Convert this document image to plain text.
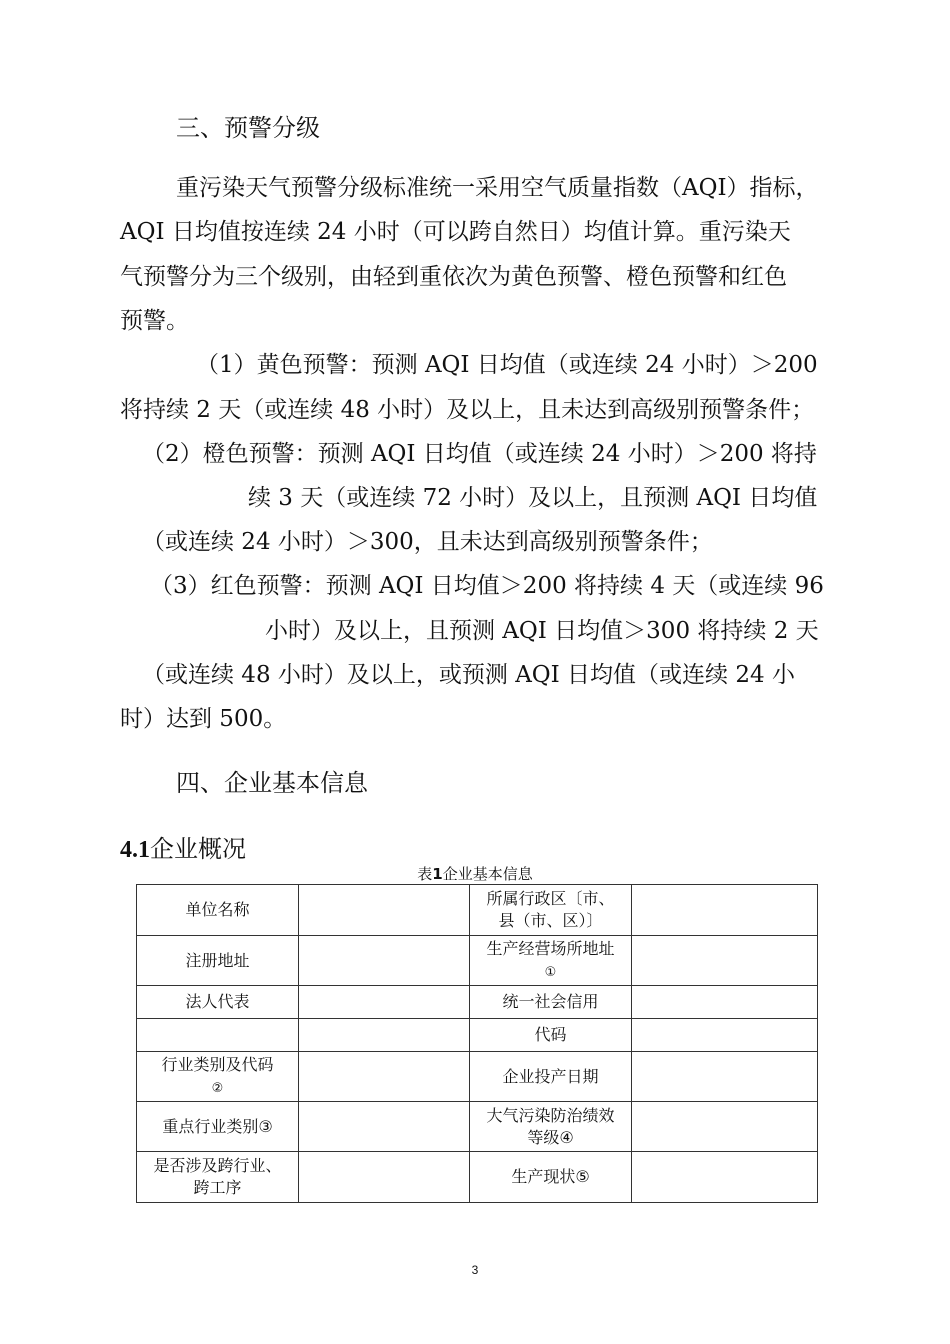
三、预警分级
重污染天气预警分级标准统一采用空气质量指数（AQI）指标，
AQI 日均值按连续 24 小时（可以跨自然日）均值计算。重污染天
气预警分为三个级别，由轻到重依次为黄色预警、橙色预警和红色
预警。
（1）黄色预警：预测 AQI 日均值（或连续 24 小时）＞200
将持续 2 天（或连续 48 小时）及以上，且未达到高级别预警条件；
（2）橙色预警：预测 AQI 日均值（或连续 24 小时）＞200 将持
续 3 天（或连续 72 小时）及以上，且预测 AQI 日均值
（或连续 24 小时）＞300，且未达到高级别预警条件；
（3）红色预警：预测 AQI 日均值＞200 将持续 4 天（或连续 96
小时）及以上，且预测 AQI 日均值＞300 将持续 2 天
（或连续 48 小时）及以上，或预测 AQI 日均值（或连续 24 小
时）达到 500。
四、企业基本信息
4.1企业概况
表1企业基本信息
单位名称		所属行政区〔市、
县（市、区）〕	
注册地址		生产经营场所地址
①	
法人代表		统一社会信用	
		代码	
行业类别及代码
②		企业投产日期	
重点行业类别③		大气污染防治绩效
等级④	
是否涉及跨行业、
跨工序		生产现状⑤	
3
